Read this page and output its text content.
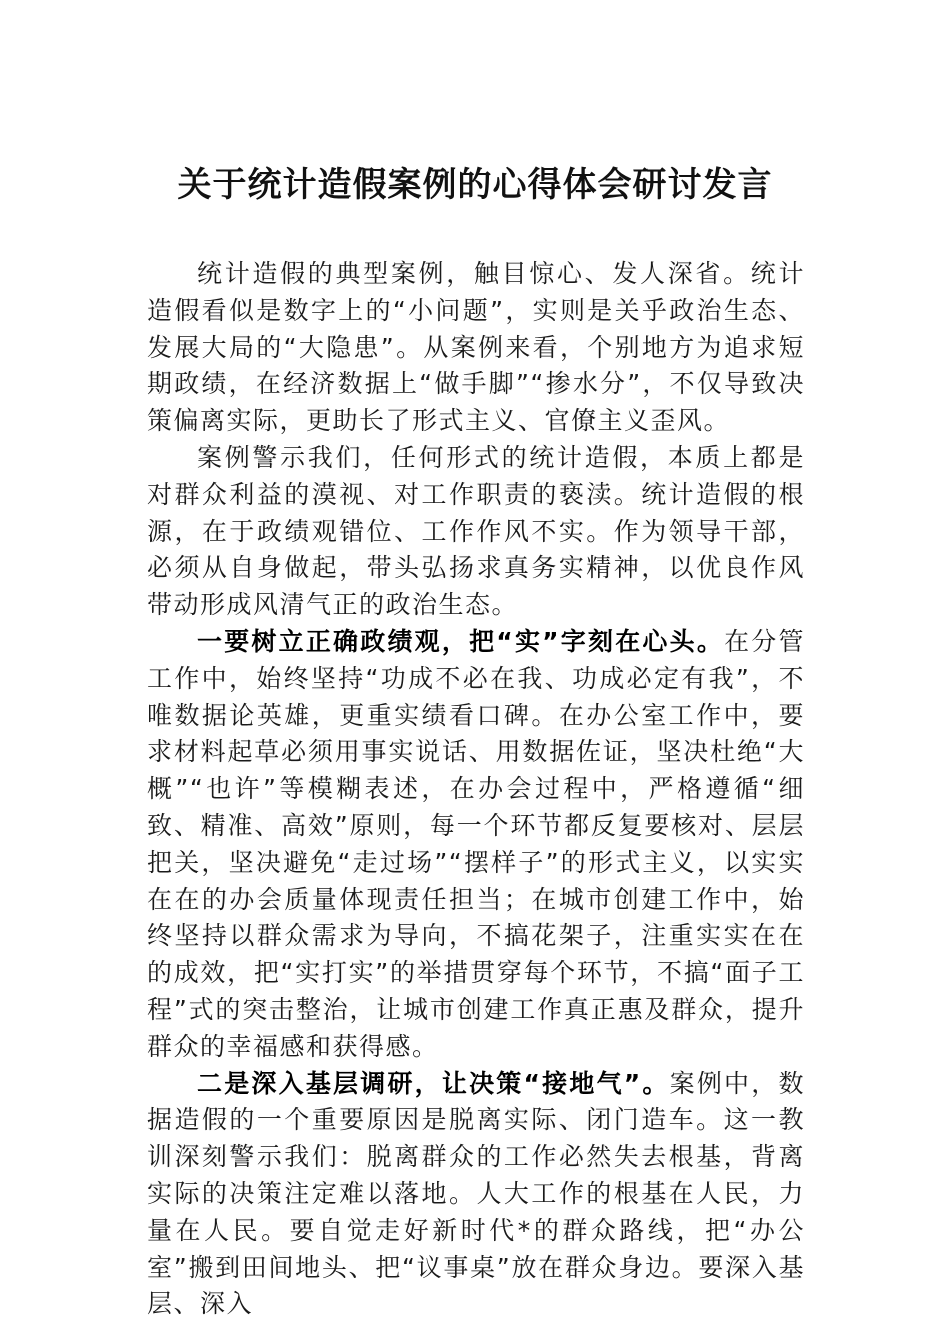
关于统计造假案例的心得体会研讨发言

统计造假的典型案例，触目惊心、发人深省。统计造假看似是数字上的“小问题”，实则是关乎政治生态、发展大局的“大隐患”。从案例来看，个别地方为追求短期政绩，在经济数据上“做手脚”“掺水分”，不仅导致决策偏离实际，更助长了形式主义、官僚主义歪风。

案例警示我们，任何形式的统计造假，本质上都是对群众利益的漠视、对工作职责的亵渎。统计造假的根源，在于政绩观错位、工作作风不实。作为领导干部，必须从自身做起，带头弘扬求真务实精神，以优良作风带动形成风清气正的政治生态。

一要树立正确政绩观，把“实”字刻在心头。在分管工作中，始终坚持“功成不必在我、功成必定有我”，不唯数据论英雄，更重实绩看口碑。在办公室工作中，要求材料起草必须用事实说话、用数据佐证，坚决杜绝“大概”“也许”等模糊表述，在办会过程中，严格遵循“细致、精准、高效”原则，每一个环节都反复要核对、层层把关，坚决避免“走过场”“摆样子”的形式主义，以实实在在的办会质量体现责任担当；在城市创建工作中，始终坚持以群众需求为导向，不搞花架子，注重实实在在的成效，把“实打实”的举措贯穿每个环节，不搞“面子工程”式的突击整治，让城市创建工作真正惠及群众，提升群众的幸福感和获得感。

二是深入基层调研，让决策“接地气”。案例中，数据造假的一个重要原因是脱离实际、闭门造车。这一教训深刻警示我们：脱离群众的工作必然失去根基，背离实际的决策注定难以落地。人大工作的根基在人民，力量在人民。要自觉走好新时代*的群众路线，把“办公室”搬到田间地头、把“议事桌”放在群众身边。要深入基层、深入
